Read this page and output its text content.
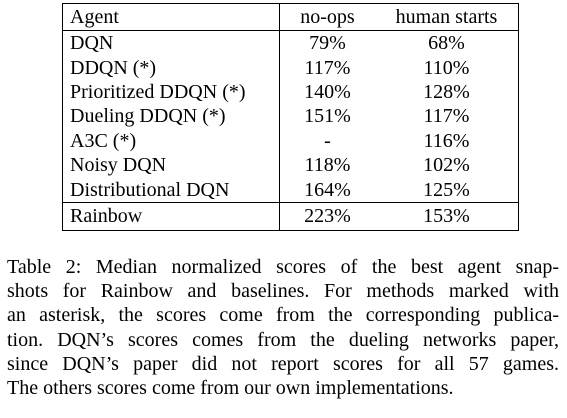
Agent	no-ops	human starts
DQN	79%	68%
DDQN (*)	117%	110%
Prioritized DDQN (*)	140%	128%
Dueling DDQN (*)	151%	117%
A3C (*)	-	116%
Noisy DQN	118%	102%
Distributional DQN	164%	125%
Rainbow	223%	153%
Table 2: Median normalized scores of the best agent snap-
shots for Rainbow and baselines. For methods marked with
an asterisk, the scores come from the corresponding publica-
tion. DQN’s scores comes from the dueling networks paper,
since DQN’s paper did not report scores for all 57 games.
The others scores come from our own implementations.
